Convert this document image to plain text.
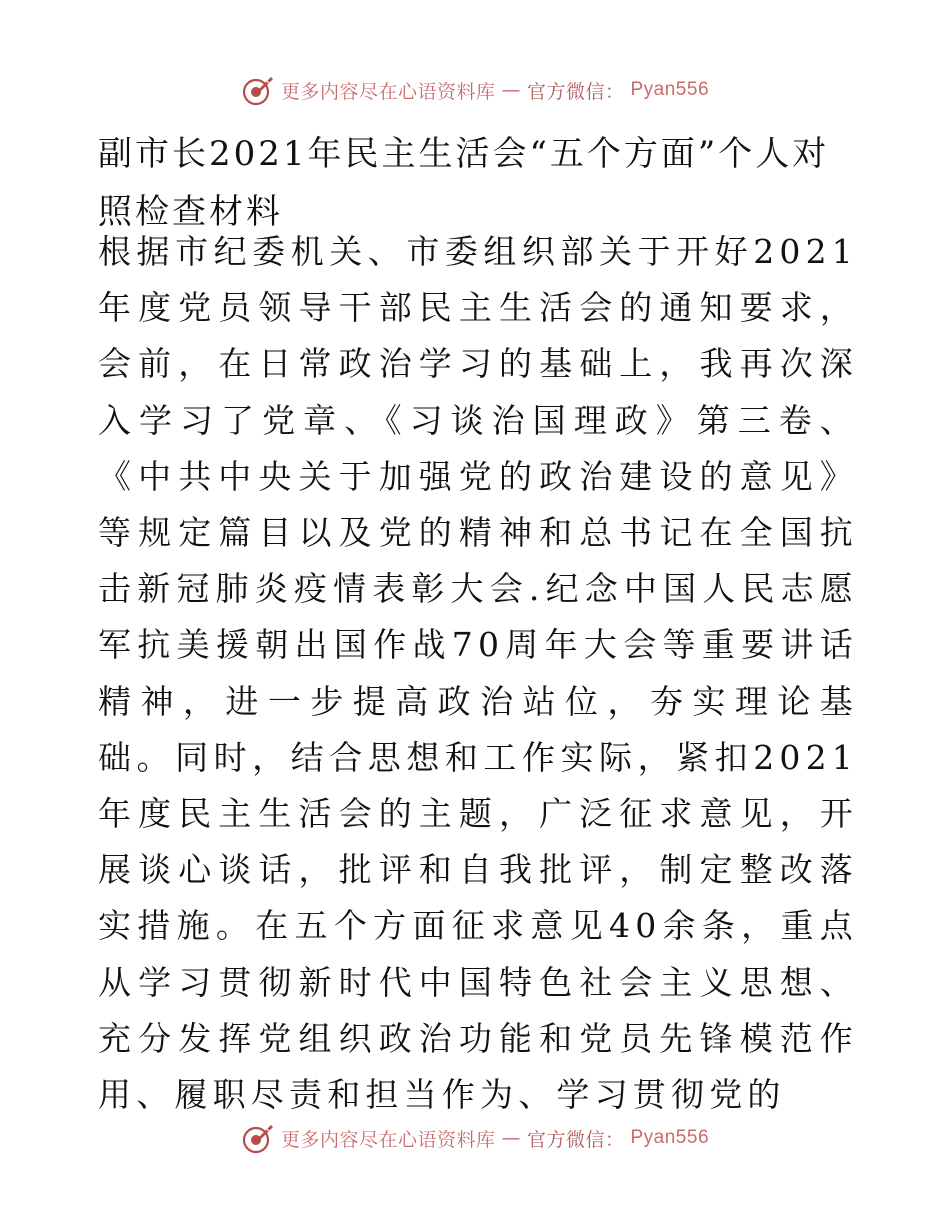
更多内容尽在心语资料库 — 官方微信： Pyan556
副市长2021年民主生活会“五个方面”个人对照检查材料

根据市纪委机关、市委组织部关于开好2021年度党员领导干部民主生活会的通知要求，会前，在日常政治学习的基础上，我再次深入学习了党章、《习谈治国理政》第三卷、《中共中央关于加强党的政治建设的意见》等规定篇目以及党的精神和总书记在全国抗击新冠肺炎疫情表彰大会.纪念中国人民志愿军抗美援朝出国作战70周年大会等重要讲话精神，进一步提高政治站位，夯实理论基础。同时，结合思想和工作实际，紧扣2021年度民主生活会的主题，广泛征求意见，开展谈心谈话，批评和自我批评，制定整改落实措施。在五个方面征求意见40余条，重点从学习贯彻新时代中国特色社会主义思想、充分发挥党组织政治功能和党员先锋模范作用、履职尽责和担当作为、学习贯彻党的

更多内容尽在心语资料库 — 官方微信： Pyan556
